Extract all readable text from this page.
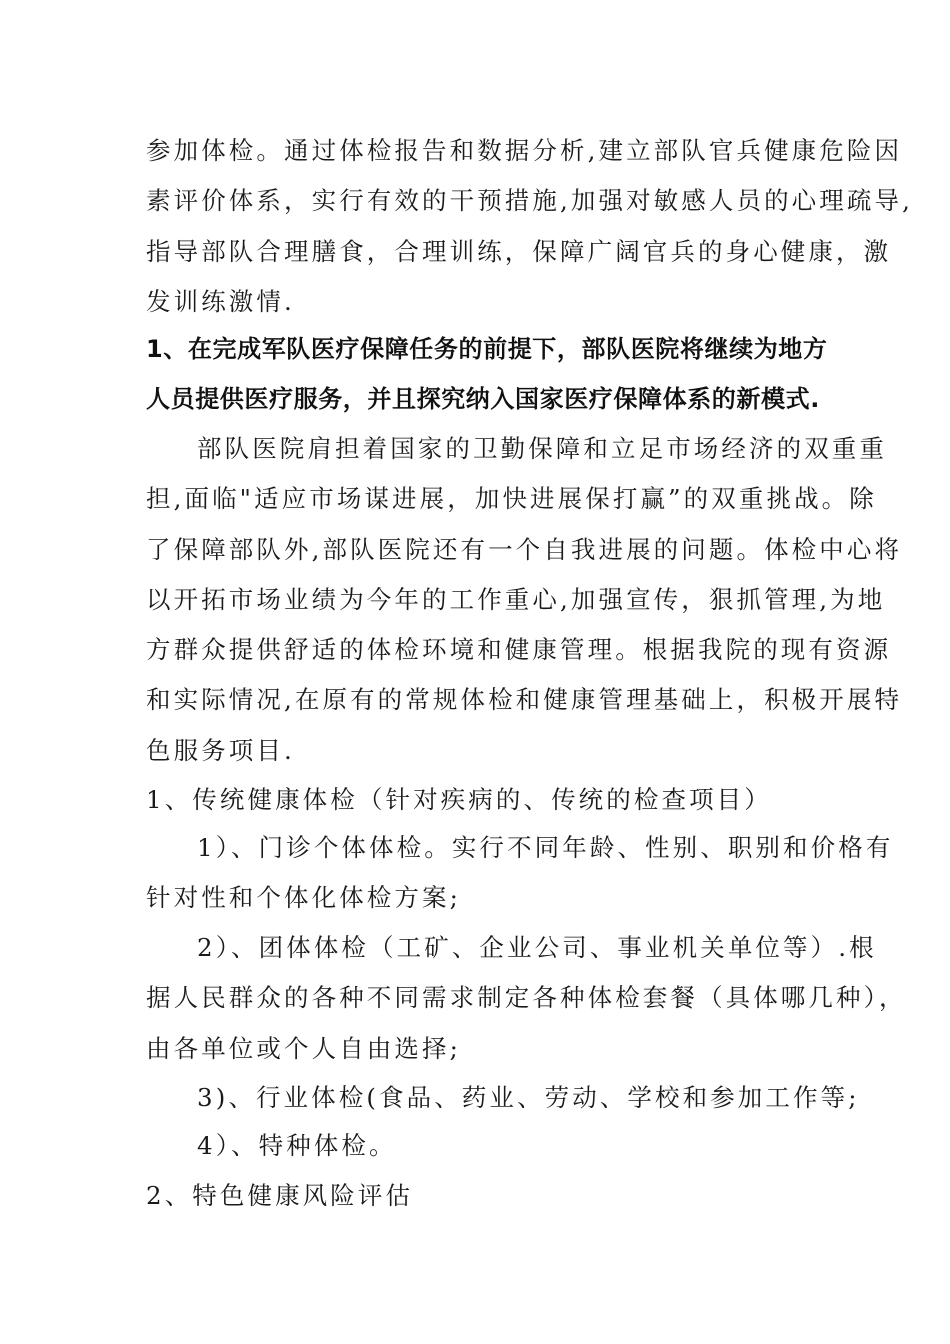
参加体检。通过体检报告和数据分析,建立部队官兵健康危险因
素评价体系，实行有效的干预措施,加强对敏感人员的心理疏导,
指导部队合理膳食，合理训练，保障广阔官兵的身心健康，激
发训练激情.
1、在完成军队医疗保障任务的前提下，部队医院将继续为地方
人员提供医疗服务，并且探究纳入国家医疗保障体系的新模式.
部队医院肩担着国家的卫勤保障和立足市场经济的双重重
担,面临"适应市场谋进展，加快进展保打赢”的双重挑战。除
了保障部队外,部队医院还有一个自我进展的问题。体检中心将
以开拓市场业绩为今年的工作重心,加强宣传，狠抓管理,为地
方群众提供舒适的体检环境和健康管理。根据我院的现有资源
和实际情况,在原有的常规体检和健康管理基础上，积极开展特
色服务项目.
1、传统健康体检（针对疾病的、传统的检查项目）
1）、门诊个体体检。实行不同年龄、性别、职别和价格有
针对性和个体化体检方案;
2）、团体体检（工矿、企业公司、事业机关单位等）.根
据人民群众的各种不同需求制定各种体检套餐（具体哪几种），
由各单位或个人自由选择;
3)、行业体检(食品、药业、劳动、学校和参加工作等;
4）、特种体检。
2、特色健康风险评估
